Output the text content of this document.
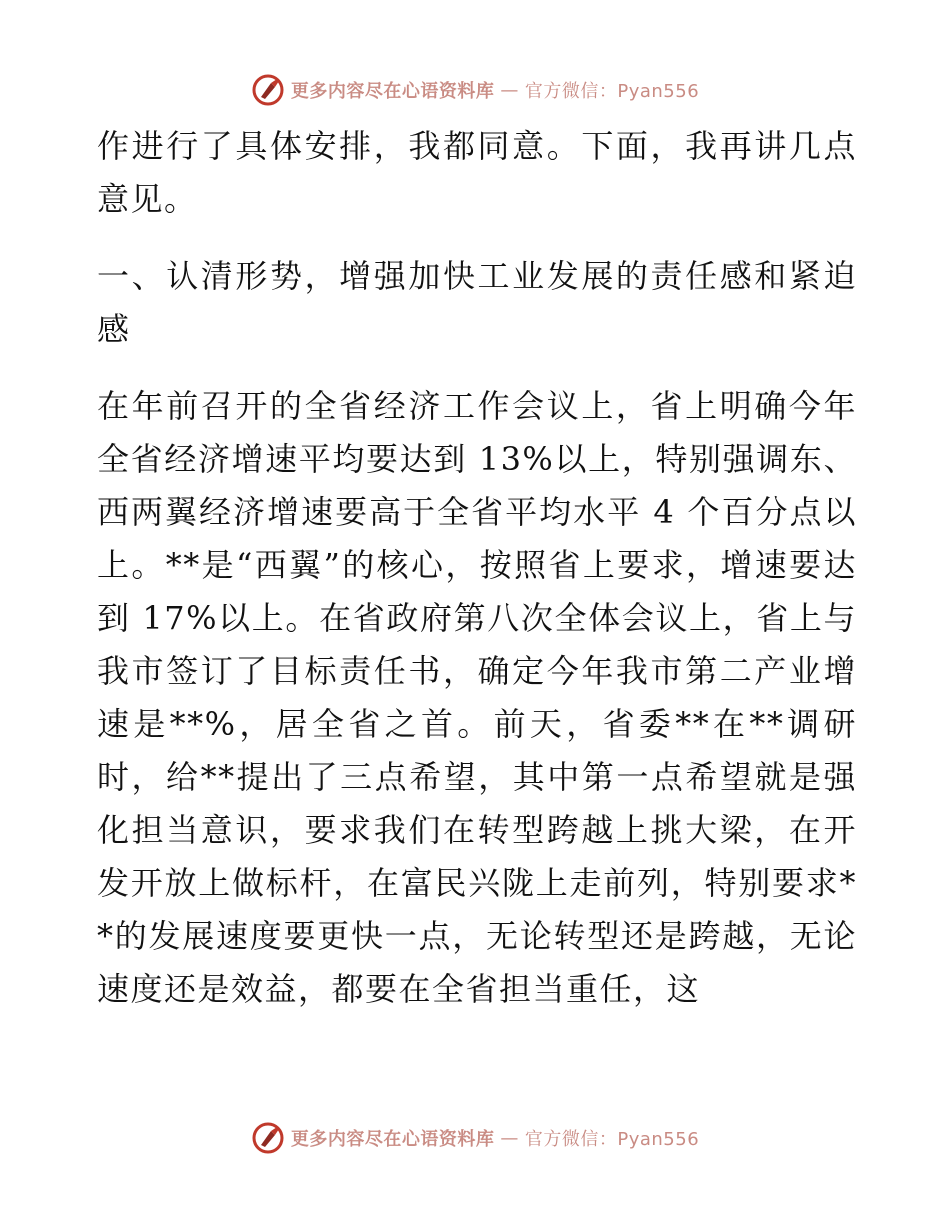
更多内容尽在心语资料库 — 官方微信：Pyan556

作进行了具体安排，我都同意。下面，我再讲几点意见。

一、认清形势，增强加快工业发展的责任感和紧迫感

在年前召开的全省经济工作会议上，省上明确今年全省经济增速平均要达到 13%以上，特别强调东、西两翼经济增速要高于全省平均水平 4 个百分点以上。**是“西翼”的核心，按照省上要求，增速要达到 17%以上。在省政府第八次全体会议上，省上与我市签订了目标责任书，确定今年我市第二产业增速是**%，居全省之首。前天，省委**在**调研时，给**提出了三点希望，其中第一点希望就是强化担当意识，要求我们在转型跨越上挑大梁，在开发开放上做标杆，在富民兴陇上走前列，特别要求**的发展速度要更快一点，无论转型还是跨越，无论速度还是效益，都要在全省担当重任，这

更多内容尽在心语资料库 — 官方微信：Pyan556
